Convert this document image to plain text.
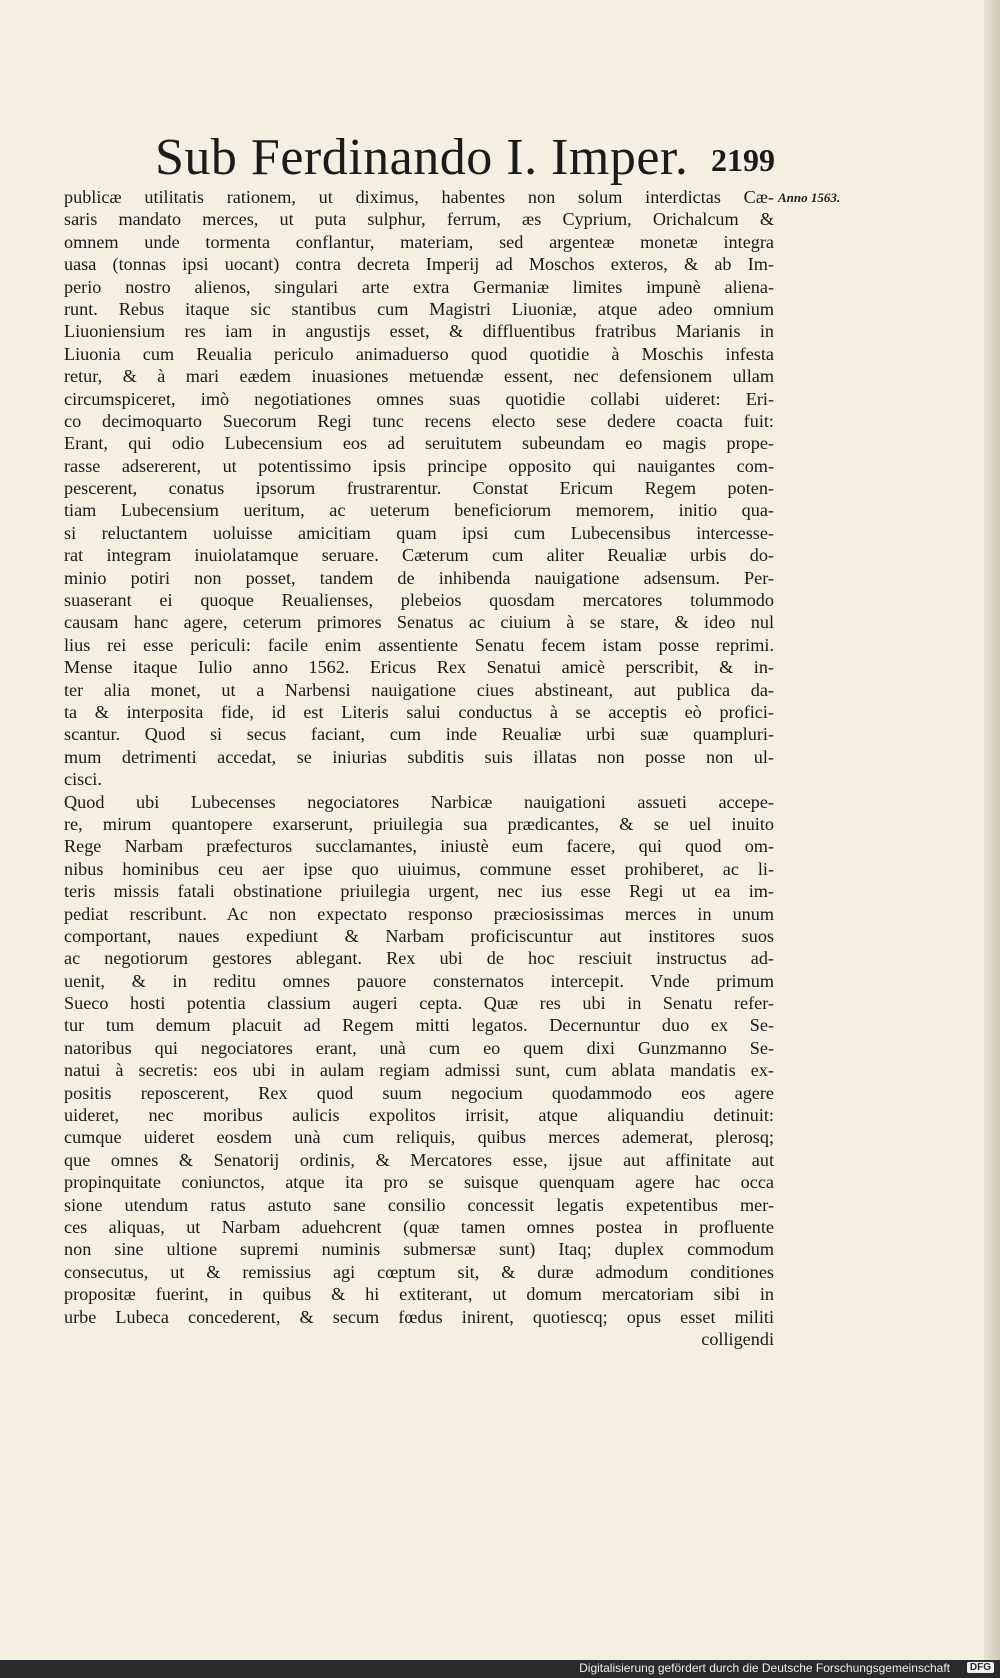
Sub Ferdinando I. Imper. 2199
Anno 1563.
publicæ utilitatis rationem, ut diximus, habentes non solum interdictas Cæ-
saris mandato merces, ut puta sulphur, ferrum, æs Cyprium, Orichalcum &
omnem unde tormenta conflantur, materiam, sed argenteæ monetæ integra
uasa (tonnas ipsi uocant) contra decreta Imperij ad Moschos exteros, & ab Im-
perio nostro alienos, singulari arte extra Germaniæ limites impunè aliena-
runt. Rebus itaque sic stantibus cum Magistri Liuoniæ, atque adeo omnium
Liuoniensium res iam in angustijs esset, & diffluentibus fratribus Marianis in
Liuonia cum Reualia periculo animaduerso quod quotidie à Moschis infesta
retur, & à mari eædem inuasiones metuendæ essent, nec defensionem ullam
circumspiceret, imò negotiationes omnes suas quotidie collabi uideret: Eri-
co decimoquarto Suecorum Regi tunc recens electo sese dedere coacta fuit:
Erant, qui odio Lubecensium eos ad seruitutem subeundam eo magis prope-
rasse adsererent, ut potentissimo ipsis principe opposito qui nauigantes com-
pescerent, conatus ipsorum frustrarentur. Constat Ericum Regem poten-
tiam Lubecensium ueritum, ac ueterum beneficiorum memorem, initio qua-
si reluctantem uoluisse amicitiam quam ipsi cum Lubecensibus intercesse-
rat integram inuiolatamque seruare. Cæterum cum aliter Reualiæ urbis do-
minio potiri non posset, tandem de inhibenda nauigatione adsensum. Per-
suaserant ei quoque Reualienses, plebeios quosdam mercatores tolummodo
causam hanc agere, ceterum primores Senatus ac ciuium à se stare, & ideo nul
lius rei esse periculi: facile enim assentiente Senatu fecem istam posse reprimi.
Mense itaque Iulio anno 1562. Ericus Rex Senatui amicè perscribit, & in-
ter alia monet, ut a Narbensi nauigatione ciues abstineant, aut publica da-
ta & interposita fide, id est Literis salui conductus à se acceptis eò profici-
scantur. Quod si secus faciant, cum inde Reualiæ urbi suæ quampluri-
mum detrimenti accedat, se iniurias subditis suis illatas non posse non ul-
cisci.
Quod ubi Lubecenses negociatores Narbicæ nauigationi assueti accepe-
re, mirum quantopere exarserunt, priuilegia sua prædicantes, & se uel inuito
Rege Narbam præfecturos succlamantes, iniustè eum facere, qui quod om-
nibus hominibus ceu aer ipse quo uiuimus, commune esset prohiberet, ac li-
teris missis fatali obstinatione priuilegia urgent, nec ius esse Regi ut ea im-
pediat rescribunt. Ac non expectato responso præciosissimas merces in unum
comportant, naues expediunt & Narbam proficiscuntur aut institores suos
ac negotiorum gestores ablegant. Rex ubi de hoc resciuit instructus ad-
uenit, & in reditu omnes pauore consternatos intercepit. Vnde primum
Sueco hosti potentia classium augeri cepta. Quæ res ubi in Senatu refer-
tur tum demum placuit ad Regem mitti legatos. Decernuntur duo ex Se-
natoribus qui negociatores erant, unà cum eo quem dixi Gunzmanno Se-
natui à secretis: eos ubi in aulam regiam admissi sunt, cum ablata mandatis ex-
positis reposcerent, Rex quod suum negocium quodammodo eos agere
uideret, nec moribus aulicis expolitos irrisit, atque aliquandiu detinuit:
cumque uideret eosdem unà cum reliquis, quibus merces ademerat, plerosq;
que omnes & Senatorij ordinis, & Mercatores esse, ijsue aut affinitate aut
propinquitate coniunctos, atque ita pro se suisque quenquam agere hac occa
sione utendum ratus astuto sane consilio concessit legatis expetentibus mer-
ces aliquas, ut Narbam aduehcrent (quæ tamen omnes postea in profluente
non sine ultione supremi numinis submersæ sunt) Itaq; duplex commodum
consecutus, ut & remissius agi cœptum sit, & duræ admodum conditiones
propositæ fuerint, in quibus & hi extiterant, ut domum mercatoriam sibi in
urbe Lubeca concederent, & secum fœdus inirent, quotiescq; opus esset militi
colligendi
Digitalisierung gefördert durch die Deutsche Forschungsgemeinschaft	DFG
